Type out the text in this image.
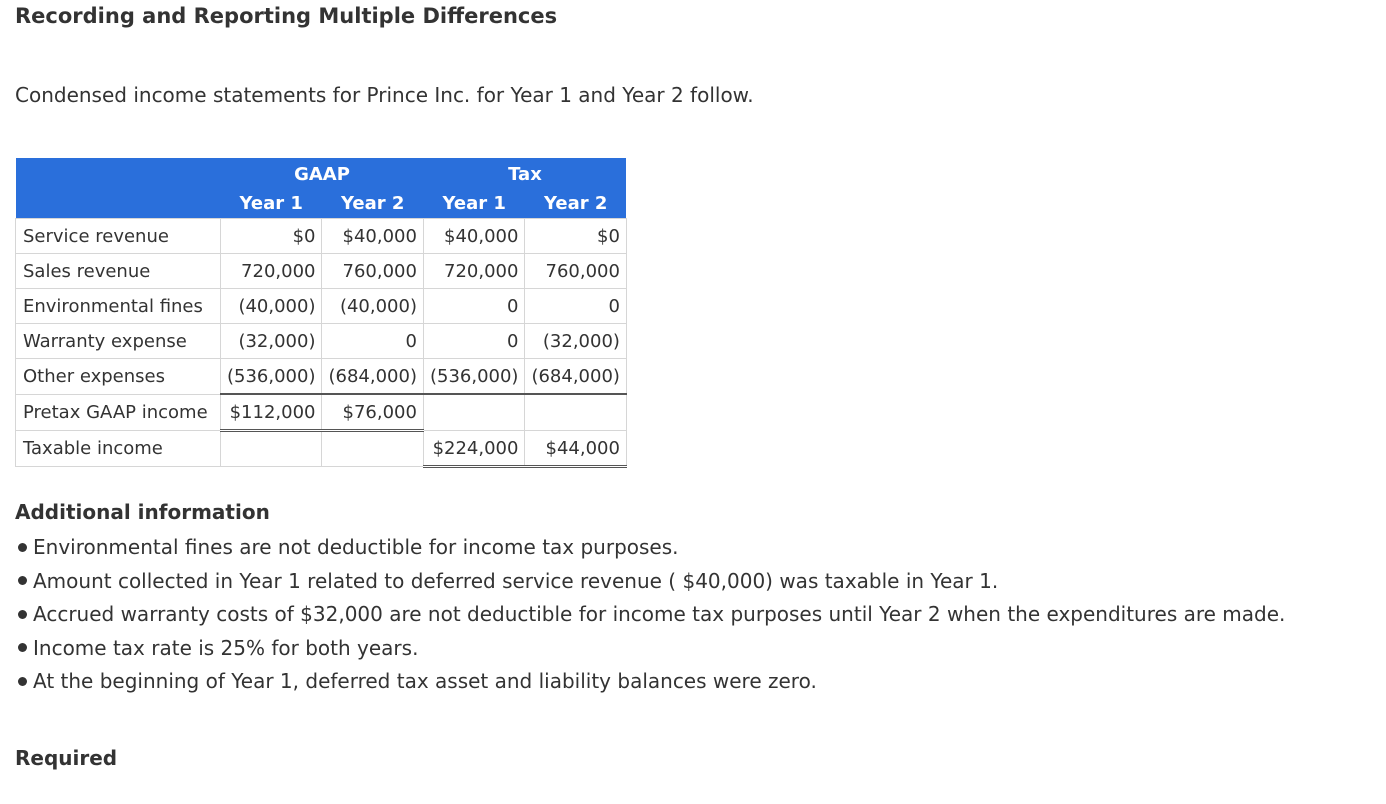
Recording and Reporting Multiple Differences
Condensed income statements for Prince Inc. for Year 1 and Year 2 follow.
	GAAP		Tax	
	Year 1	Year 2	Year 1	Year 2
Service revenue	$0	$40,000	$40,000	$0
Sales revenue	720,000	760,000	720,000	760,000
Environmental fines	(40,000)	(40,000)	0	0
Warranty expense	(32,000)	0	0	(32,000)
Other expenses	(536,000)	(684,000)	(536,000)	(684,000)
Pretax GAAP income	$112,000	$76,000		
Taxable income			$224,000	$44,000
Additional information
Environmental fines are not deductible for income tax purposes.
Amount collected in Year 1 related to deferred service revenue ( $40,000) was taxable in Year 1.
Accrued warranty costs of $32,000 are not deductible for income tax purposes until Year 2 when the expenditures are made.
Income tax rate is 25% for both years.
At the beginning of Year 1, deferred tax asset and liability balances were zero.
Required
